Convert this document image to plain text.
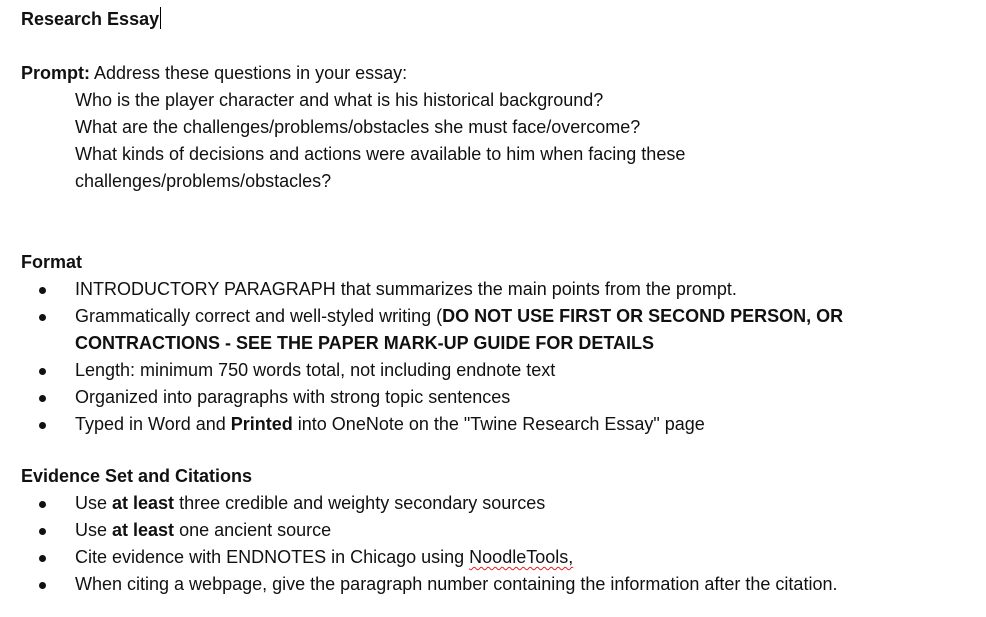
Research Essay
Prompt: Address these questions in your essay:
Who is the player character and what is his historical background?
What are the challenges/problems/obstacles she must face/overcome?
What kinds of decisions and actions were available to him when facing these
challenges/problems/obstacles?
Format
INTRODUCTORY PARAGRAPH that summarizes the main points from the prompt.
Grammatically correct and well-styled writing (DO NOT USE FIRST OR SECOND PERSON, OR
CONTRACTIONS - SEE THE PAPER MARK-UP GUIDE FOR DETAILS
Length: minimum 750 words total, not including endnote text
Organized into paragraphs with strong topic sentences
Typed in Word and Printed into OneNote on the "Twine Research Essay" page
Evidence Set and Citations
Use at least three credible and weighty secondary sources
Use at least one ancient source
Cite evidence with ENDNOTES in Chicago using NoodleTools,
When citing a webpage, give the paragraph number containing the information after the citation.
